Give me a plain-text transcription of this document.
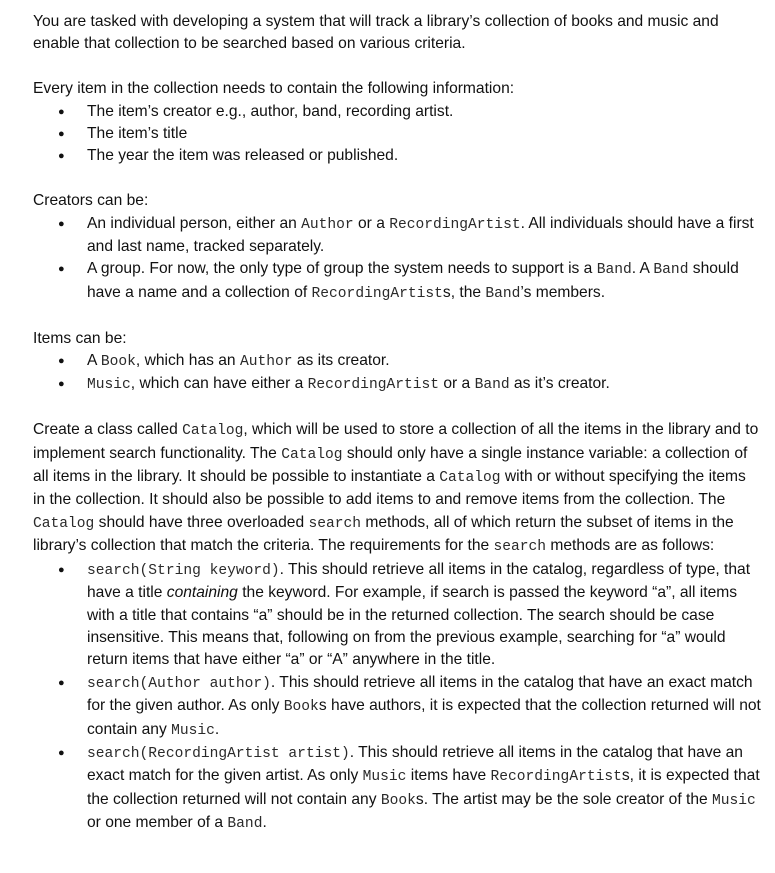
You are tasked with developing a system that will track a library’s collection of books and music and enable that collection to be searched based on various criteria.

Every item in the collection needs to contain the following information:

● The item’s creator e.g., author, band, recording artist.
● The item’s title
● The year the item was released or published.

Creators can be:

● An individual person, either an Author or a RecordingArtist. All individuals should have a first and last name, tracked separately.
● A group. For now, the only type of group the system needs to support is a Band. A Band should have a name and a collection of RecordingArtists, the Band’s members.

Items can be:

● A Book, which has an Author as its creator.
● Music, which can have either a RecordingArtist or a Band as it’s creator.

Create a class called Catalog, which will be used to store a collection of all the items in the library and to implement search functionality. The Catalog should only have a single instance variable: a collection of all items in the library. It should be possible to instantiate a Catalog with or without specifying the items in the collection. It should also be possible to add items to and remove items from the collection. The Catalog should have three overloaded search methods, all of which return the subset of items in the library’s collection that match the criteria. The requirements for the search methods are as follows:

● search(String keyword). This should retrieve all items in the catalog, regardless of type, that have a title containing the keyword. For example, if search is passed the keyword “a”, all items with a title that contains “a” should be in the returned collection. The search should be case insensitive. This means that, following on from the previous example, searching for “a” would return items that have either “a” or “A” anywhere in the title.
● search(Author author). This should retrieve all items in the catalog that have an exact match for the given author. As only Books have authors, it is expected that the collection returned will not contain any Music.
● search(RecordingArtist artist). This should retrieve all items in the catalog that have an exact match for the given artist. As only Music items have RecordingArtists, it is expected that the collection returned will not contain any Books. The artist may be the sole creator of the Music or one member of a Band.
